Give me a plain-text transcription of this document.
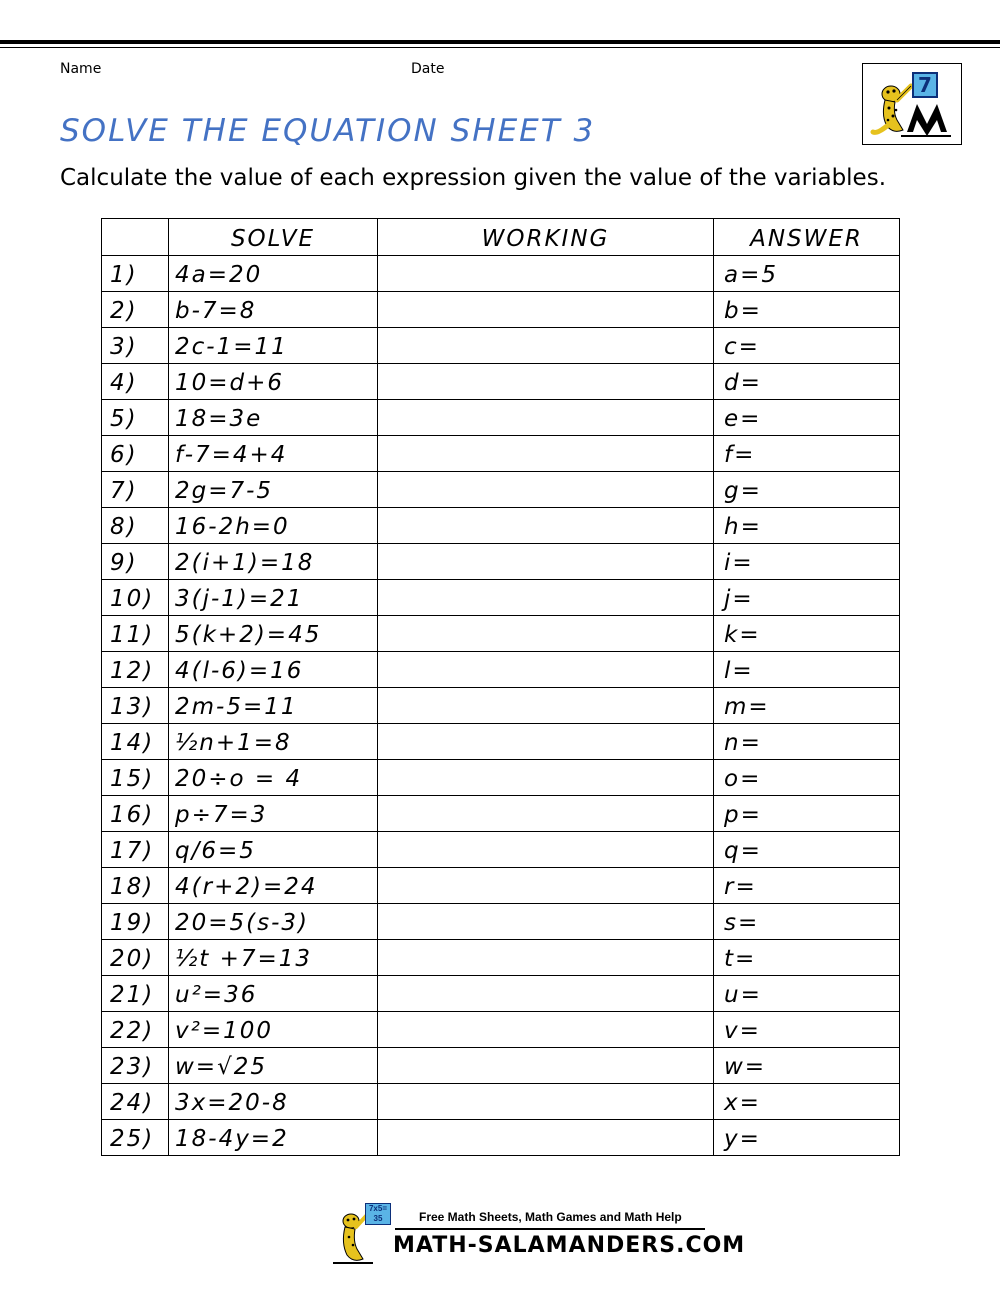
Name	Date
7
SOLVE THE EQUATION SHEET 3

Calculate the value of each expression given the value of the variables.

	SOLVE	WORKING	ANSWER
1)	4a=20		a=5
2)	b-7=8		b=
3)	2c-1=11		c=
4)	10=d+6		d=
5)	18=3e		e=
6)	f-7=4+4		f=
7)	2g=7-5		g=
8)	16-2h=0		h=
9)	2(i+1)=18		i=
10)	3(j-1)=21		j=
11)	5(k+2)=45		k=
12)	4(l-6)=16		l=
13)	2m-5=11		m=
14)	½n+1=8		n=
15)	20÷o = 4		o=
16)	p÷7=3		p=
17)	q/6=5		q=
18)	4(r+2)=24		r=
19)	20=5(s-3)		s=
20)	½t +7=13		t=
21)	u²=36		u=
22)	v²=100		v=
23)	w=√25		w=
24)	3x=20-8		x=
25)	18-4y=2		y=
7x5=
35	Free Math Sheets, Math Games and Math Help
MATH-SALAMANDERS.COM
